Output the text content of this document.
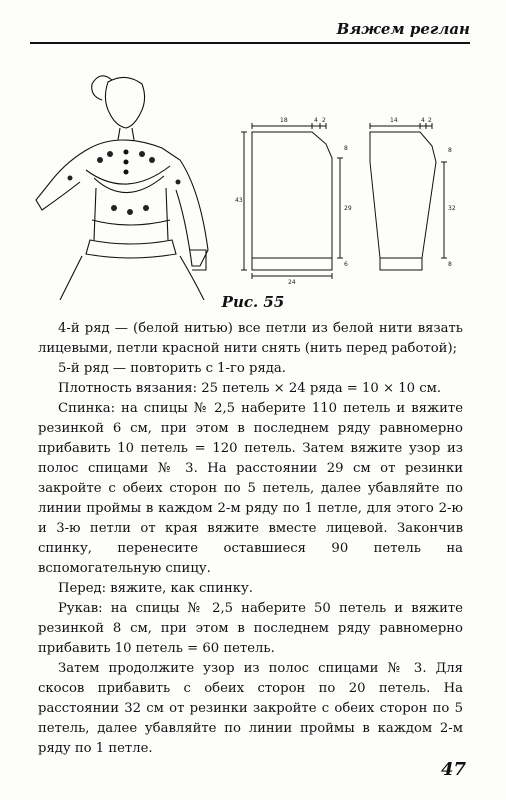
Вяжем реглан
18	4 2
43
8
29
6
24
14	4 2
8
32
8
Рис. 55

4-й ряд — (белой нитью) все петли из белой нити вязать лицевыми, петли красной нити снять (нить перед работой);

5-й ряд — повторить с 1-го ряда.

Плотность вязания: 25 петель × 24 ряда = 10 × 10 см.

Спинка: на спицы № 2,5 наберите 110 петель и вяжите резинкой 6 см, при этом в последнем ряду равномерно прибавить 10 петель = 120 петель. Затем вяжите узор из полос спицами № 3. На расстоянии 29 см от резинки закройте с обеих сторон по 5 петель, далее убавляйте по линии проймы в каждом 2-м ряду по 1 петле, для этого 2-ю и 3-ю петли от края вяжите вместе лицевой. Закончив спинку, перенесите оставшиеся 90 петель на вспомогательную спицу.

Перед: вяжите, как спинку.

Рукав: на спицы № 2,5 наберите 50 петель и вяжите резинкой 8 см, при этом в последнем ряду равномерно прибавить 10 петель = 60 петель.

Затем продолжите узор из полос спицами № 3. Для скосов прибавить с обеих сторон по 20 петель. На расстоянии 32 см от резинки закройте с обеих сторон по 5 петель, далее убавляйте по линии проймы в каждом 2-м ряду по 1 петле.

47
